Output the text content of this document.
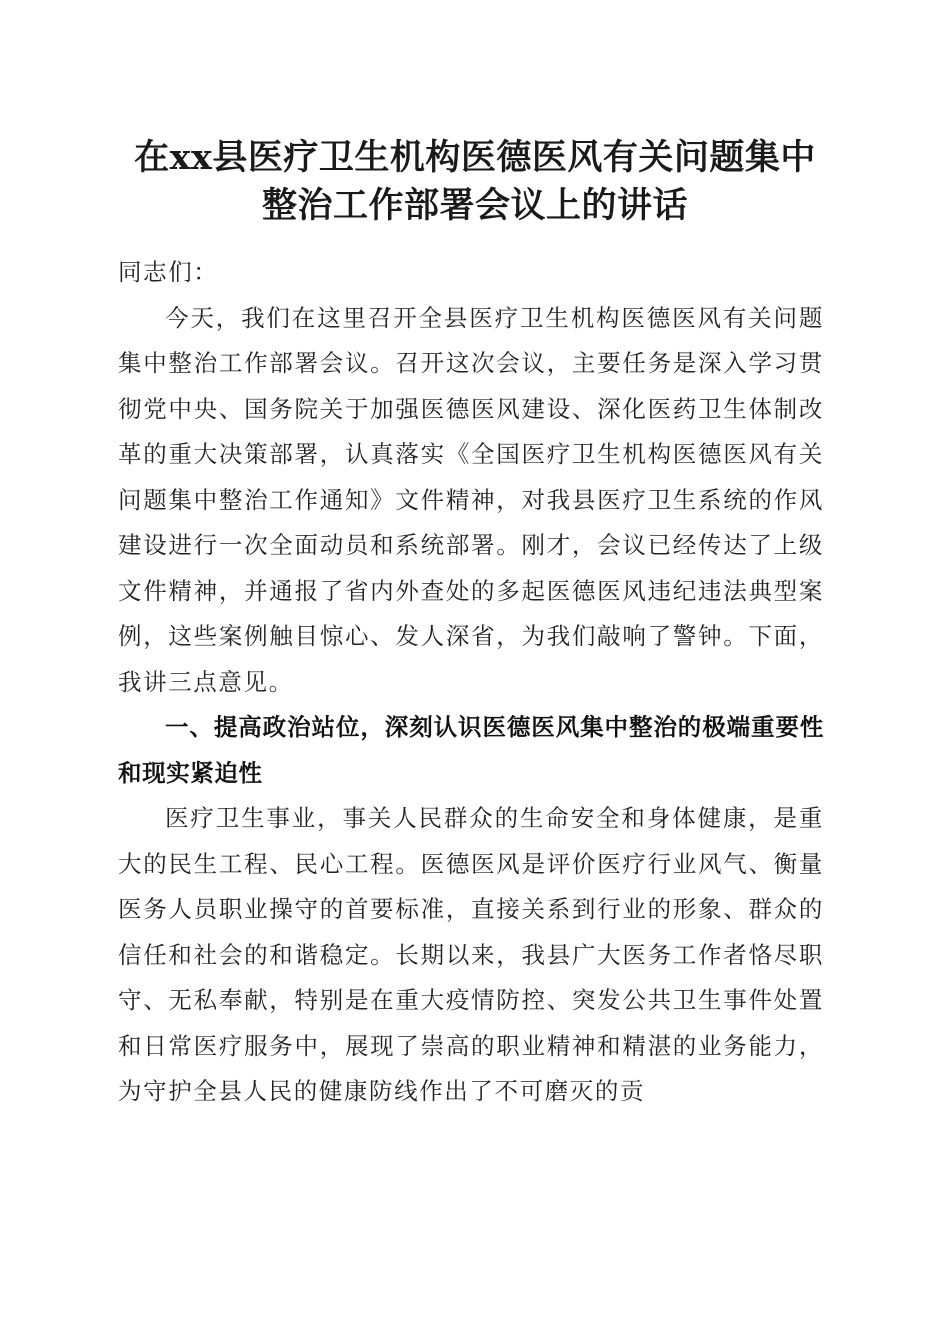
在xx县医疗卫生机构医德医风有关问题集中
整治工作部署会议上的讲话

同志们：

今天，我们在这里召开全县医疗卫生机构医德医风有关问题集中整治工作部署会议。召开这次会议，主要任务是深入学习贯彻党中央、国务院关于加强医德医风建设、深化医药卫生体制改革的重大决策部署，认真落实《全国医疗卫生机构医德医风有关问题集中整治工作通知》文件精神，对我县医疗卫生系统的作风建设进行一次全面动员和系统部署。刚才，会议已经传达了上级文件精神，并通报了省内外查处的多起医德医风违纪违法典型案例，这些案例触目惊心、发人深省，为我们敲响了警钟。下面，我讲三点意见。

一、提高政治站位，深刻认识医德医风集中整治的极端重要性和现实紧迫性

医疗卫生事业，事关人民群众的生命安全和身体健康，是重大的民生工程、民心工程。医德医风是评价医疗行业风气、衡量医务人员职业操守的首要标准，直接关系到行业的形象、群众的信任和社会的和谐稳定。长期以来，我县广大医务工作者恪尽职守、无私奉献，特别是在重大疫情防控、突发公共卫生事件处置和日常医疗服务中，展现了崇高的职业精神和精湛的业务能力，为守护全县人民的健康防线作出了不可磨灭的贡
